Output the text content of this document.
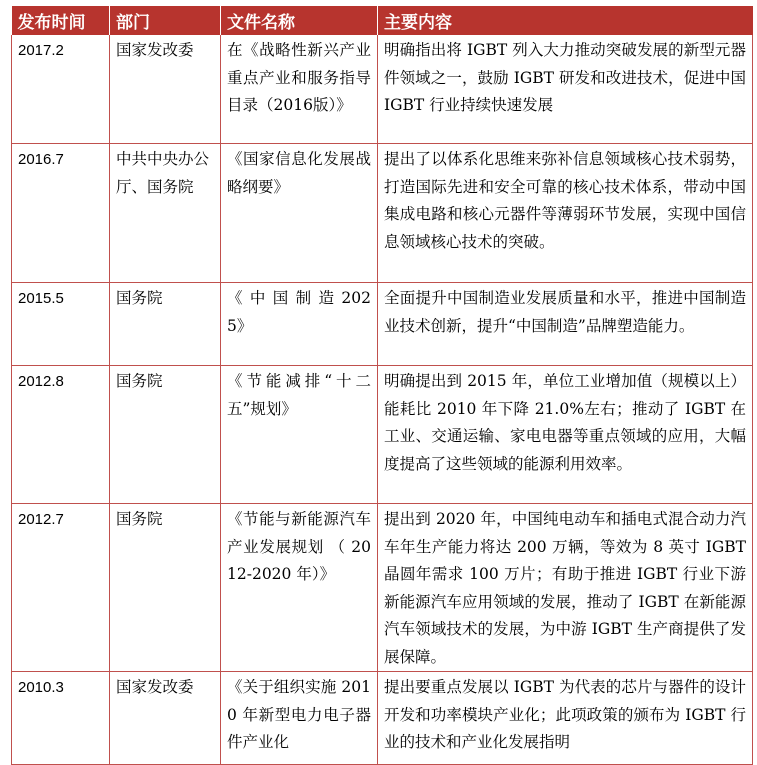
发布时间	部门	文件名称	主要内容
2017.2	国家发改委	在《战略性新兴产业重点产业和服务指导目录（2016版）》	明确指出将 IGBT 列入大力推动突破发展的新型元器件领域之一，鼓励 IGBT 研发和改进技术，促进中国 IGBT 行业持续快速发展
2016.7	中共中央办公厅、国务院	《国家信息化发展战略纲要》	提出了以体系化思维来弥补信息领域核心技术弱势，打造国际先进和安全可靠的核心技术体系，带动中国集成电路和核心元器件等薄弱环节发展，实现中国信息领域核心技术的突破。
2015.5	国务院	《 中 国 制 造 2025》	全面提升中国制造业发展质量和水平，推进中国制造业技术创新，提升“中国制造”品牌塑造能力。
2012.8	国务院	《节能减排“十二五”规划》	明确提出到 2015 年，单位工业增加值（规模以上） 能耗比 2010 年下降 21.0%左右；推动了 IGBT 在工业、交通运输、家电电器等重点领域的应用，大幅度提高了这些领域的能源利用效率。
2012.7	国务院	《节能与新能源汽车产业发展规划 （ 2012-2020 年）》	提出到 2020 年，中国纯电动车和插电式混合动力汽车年生产能力将达 200 万辆，等效为 8 英寸 IGBT 晶圆年需求 100 万片；有助于推进 IGBT 行业下游新能源汽车应用领域的发展，推动了 IGBT 在新能源汽车领域技术的发展，为中游 IGBT 生产商提供了发展保障。
2010.3	国家发改委	《关于组织实施 2010 年新型电力电子器件产业化	提出要重点发展以 IGBT 为代表的芯片与器件的设计开发和功率模块产业化；此项政策的颁布为 IGBT 行业的技术和产业化发展指明
